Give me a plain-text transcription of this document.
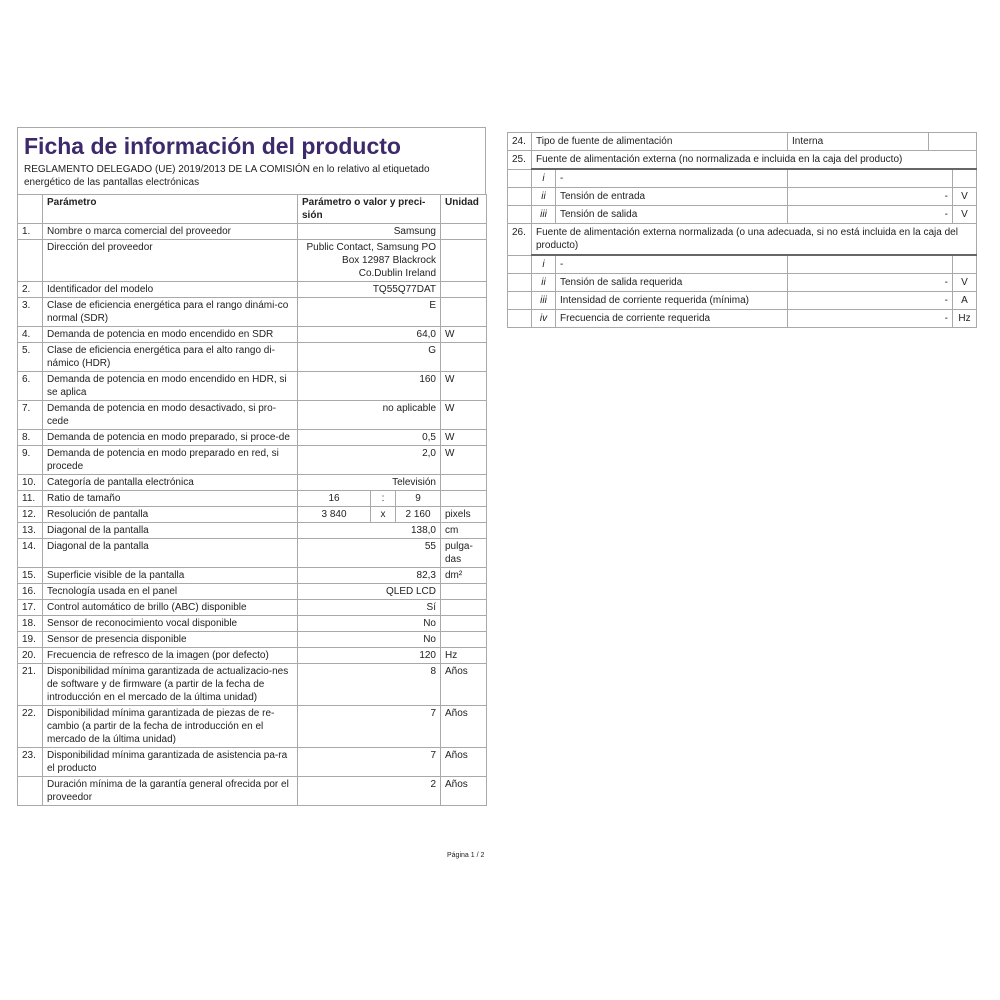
Ficha de información del producto
REGLAMENTO DELEGADO (UE) 2019/2013 DE LA COMISIÓN en lo relativo al etiquetado energético de las pantallas electrónicas
	Parámetro	Parámetro o valor y preci-sión			Unidad
1.	Nombre o marca comercial del proveedor	Samsung			
	Dirección del proveedor	Public Contact, Samsung PO Box 12987 Blackrock Co.Dublin Ireland			
2.	Identificador del modelo	TQ55Q77DAT			
3.	Clase de eficiencia energética para el rango dinámi-co normal (SDR)	E			
4.	Demanda de potencia en modo encendido en SDR	64,0			W
5.	Clase de eficiencia energética para el alto rango di-námico (HDR)	G			
6.	Demanda de potencia en modo encendido en HDR, si se aplica	160			W
7.	Demanda de potencia en modo desactivado, si pro-cede	no aplicable			W
8.	Demanda de potencia en modo preparado, si proce-de	0,5			W
9.	Demanda de potencia en modo preparado en red, si procede	2,0			W
10.	Categoría de pantalla electrónica	Televisión			
11.	Ratio de tamaño	16	:	9	
12.	Resolución de pantalla	3 840	x	2 160	pixels
13.	Diagonal de la pantalla	138,0			cm
14.	Diagonal de la pantalla	55			pulga-das
15.	Superficie visible de la pantalla	82,3			dm²
16.	Tecnología usada en el panel	QLED LCD			
17.	Control automático de brillo (ABC) disponible	Sí			
18.	Sensor de reconocimiento vocal disponible	No			
19.	Sensor de presencia disponible	No			
20.	Frecuencia de refresco de la imagen (por defecto)	120			Hz
21.	Disponibilidad mínima garantizada de actualizacio-nes de software y de firmware (a partir de la fecha de introducción en el mercado de la última unidad)	8			Años
22.	Disponibilidad mínima garantizada de piezas de re-cambio (a partir de la fecha de introducción en el mercado de la última unidad)	7			Años
23.	Disponibilidad mínima garantizada de asistencia pa-ra el producto	7			Años
	Duración mínima de la garantía general ofrecida por el proveedor	2			Años
24.	Tipo de fuente de alimentación		Interna		
25.	Fuente de alimentación externa (no normalizada e incluida en la caja del producto)				
	i	-			
	ii	Tensión de entrada	-		V
	iii	Tensión de salida	-		V
26.	Fuente de alimentación externa normalizada (o una adecuada, si no está incluida en la caja del producto)				
	i	-			
	ii	Tensión de salida requerida	-		V
	iii	Intensidad de corriente requerida (mínima)	-		A
	iv	Frecuencia de corriente requerida	-		Hz
Página 1 / 2
